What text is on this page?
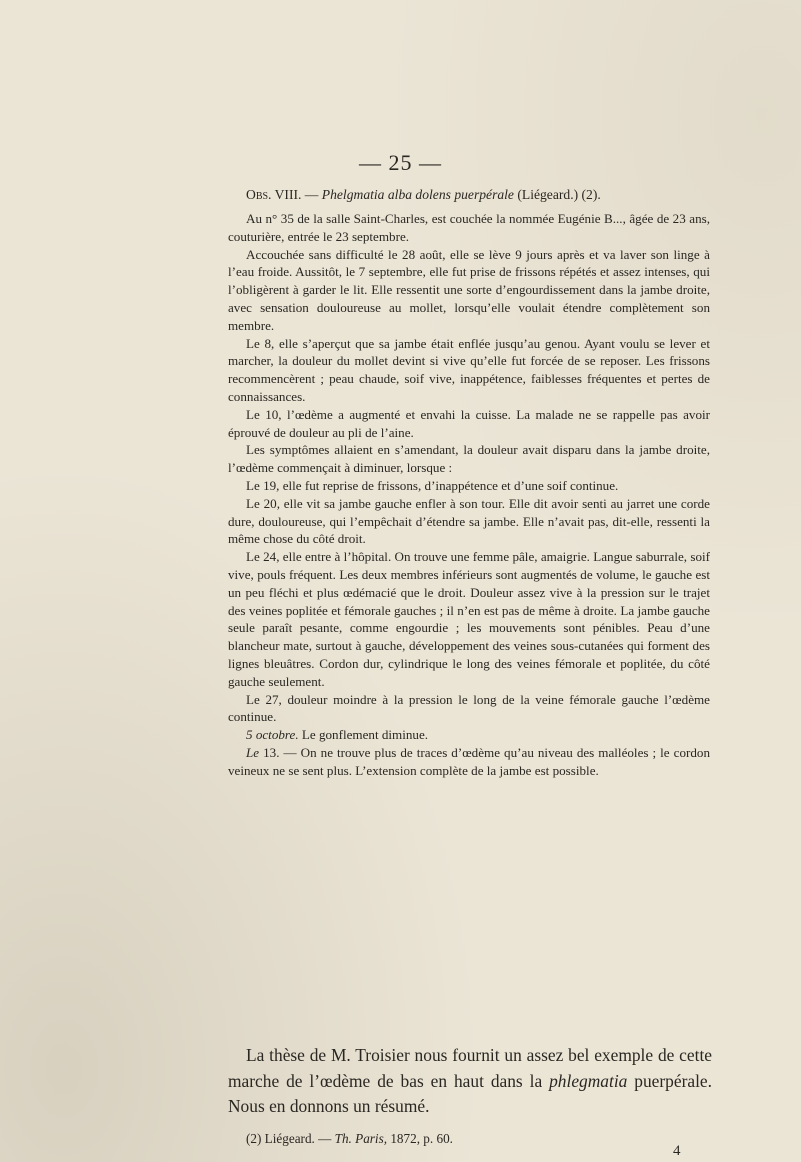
— 25 —

Obs. VIII. — Phelgmatia alba dolens puerpérale (Liégeard.) (2).

Au n° 35 de la salle Saint-Charles, est couchée la nommée Eugénie B..., âgée de 23 ans, couturière, entrée le 23 septembre.

Accouchée sans difficulté le 28 août, elle se lève 9 jours après et va laver son linge à l’eau froide. Aussitôt, le 7 septembre, elle fut prise de frissons répétés et assez intenses, qui l’obligèrent à garder le lit. Elle ressentit une sorte d’engourdissement dans la jambe droite, avec sensation douloureuse au mollet, lorsqu’elle voulait étendre complètement son membre.

Le 8, elle s’aperçut que sa jambe était enflée jusqu’au genou. Ayant voulu se lever et marcher, la douleur du mollet devint si vive qu’elle fut forcée de se reposer. Les frissons recommencèrent ; peau chaude, soif vive, inappétence, faiblesses fréquentes et pertes de connaissances.

Le 10, l’œdème a augmenté et envahi la cuisse. La malade ne se rappelle pas avoir éprouvé de douleur au pli de l’aine.

Les symptômes allaient en s’amendant, la douleur avait disparu dans la jambe droite, l’œdème commençait à diminuer, lorsque :

Le 19, elle fut reprise de frissons, d’inappétence et d’une soif continue.

Le 20, elle vit sa jambe gauche enfler à son tour. Elle dit avoir senti au jarret une corde dure, douloureuse, qui l’empêchait d’étendre sa jambe. Elle n’avait pas, dit-elle, ressenti la même chose du côté droit.

Le 24, elle entre à l’hôpital. On trouve une femme pâle, amaigrie. Langue saburrale, soif vive, pouls fréquent. Les deux membres inférieurs sont augmentés de volume, le gauche est un peu fléchi et plus œdémacié que le droit. Douleur assez vive à la pression sur le trajet des veines poplitée et fémorale gauches ; il n’en est pas de même à droite. La jambe gauche seule paraît pesante, comme engourdie ; les mouvements sont pénibles. Peau d’une blancheur mate, surtout à gauche, développement des veines sous-cutanées qui forment des lignes bleuâtres. Cordon dur, cylindrique le long des veines fémorale et poplitée, du côté gauche seulement.

Le 27, douleur moindre à la pression le long de la veine fémorale gauche l’œdème continue.

5 octobre. Le gonflement diminue.

Le 13. — On ne trouve plus de traces d’œdème qu’au niveau des malléoles ; le cordon veineux ne se sent plus. L’extension complète de la jambe est possible.

La thèse de M. Troisier nous fournit un assez bel exemple de cette marche de l’œdème de bas en haut dans la phlegmatia puerpérale. Nous en donnons un résumé.

(2) Liégeard. — Th. Paris, 1872, p. 60.
4
